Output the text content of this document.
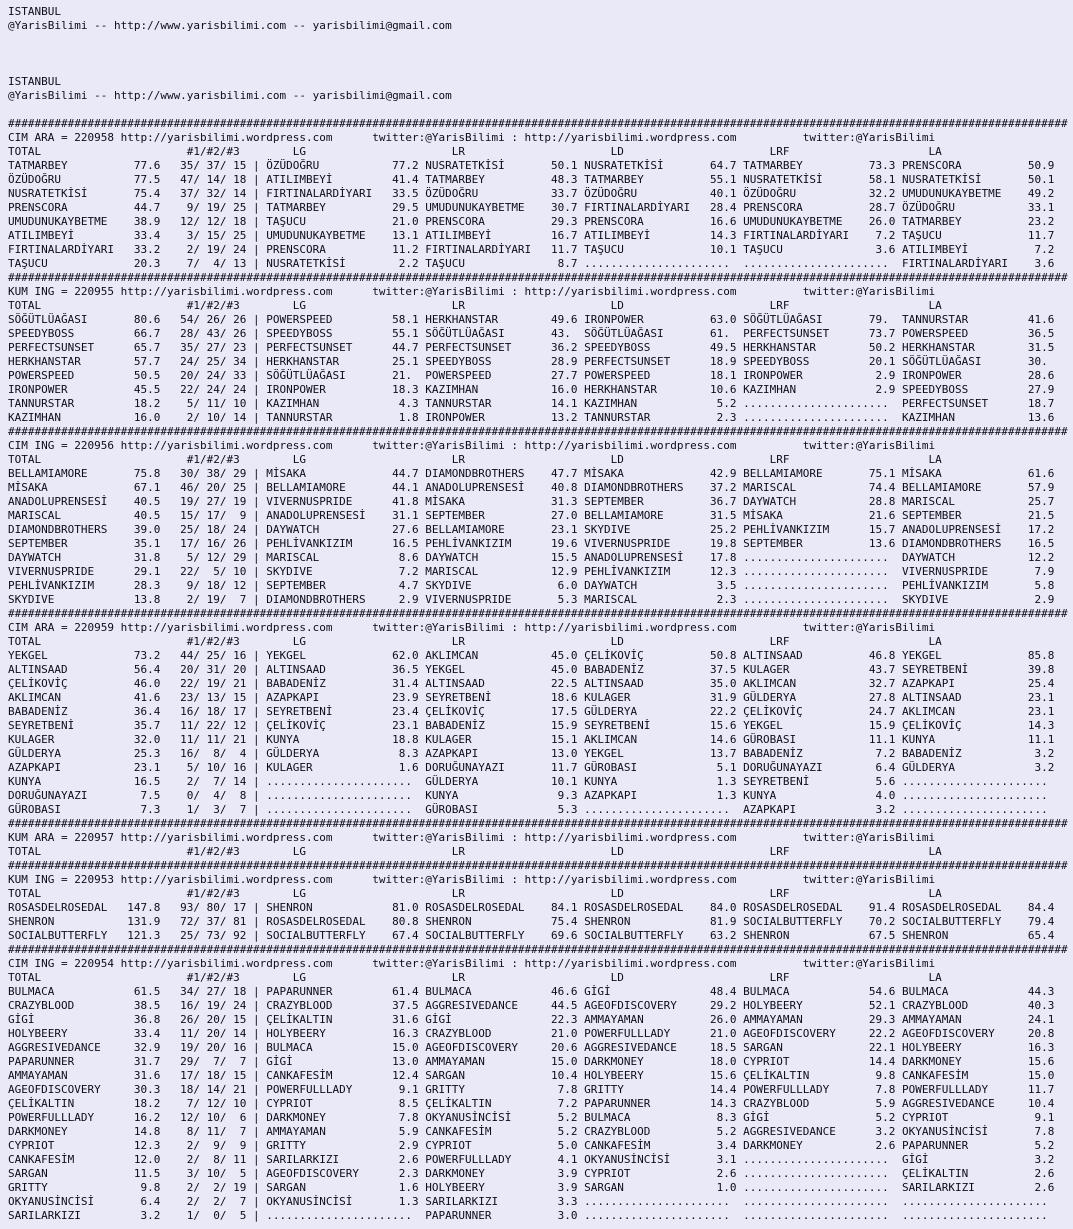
ISTANBUL
@YarisBilimi -- http://www.yarisbilimi.com -- yarisbilimi@gmail.com
ISTANBUL
@YarisBilimi -- http://www.yarisbilimi.com -- yarisbilimi@gmail.com
################################################################################################################################################################
CIM ARA = 220958 http://yarisbilimi.wordpress.com      twitter:@YarisBilimi : http://yarisbilimi.wordpress.com          twitter:@YarisBilimi
TOTAL                      #1/#2/#3        LG                      LR                      LD                      LRF                     LA
TATMARBEY          77.6   35/ 37/ 15 | ÖZÜDOĞRU           77.2 NUSRATETKİSİ       50.1 NUSRATETKİSİ       64.7 TATMARBEY          73.3 PRENSCORA          50.9
ÖZÜDOĞRU           77.5   47/ 14/ 18 | ATILIMBEYİ         41.4 TATMARBEY          48.3 TATMARBEY          55.1 NUSRATETKİSİ       58.1 NUSRATETKİSİ       50.1
NUSRATETKİSİ       75.4   37/ 32/ 14 | FIRTINALARDİYARI   33.5 ÖZÜDOĞRU           33.7 ÖZÜDOĞRU           40.1 ÖZÜDOĞRU           32.2 UMUDUNUKAYBETME    49.2
PRENSCORA          44.7    9/ 19/ 25 | TATMARBEY          29.5 UMUDUNUKAYBETME    30.7 FIRTINALARDİYARI   28.4 PRENSCORA          28.7 ÖZÜDOĞRU           33.1
UMUDUNUKAYBETME    38.9   12/ 12/ 18 | TAŞUCU             21.0 PRENSCORA          29.3 PRENSCORA          16.6 UMUDUNUKAYBETME    26.0 TATMARBEY          23.2
ATILIMBEYİ         33.4    3/ 15/ 25 | UMUDUNUKAYBETME    13.1 ATILIMBEYİ         16.7 ATILIMBEYİ         14.3 FIRTINALARDİYARI    7.2 TAŞUCU             11.7
FIRTINALARDİYARI   33.2    2/ 19/ 24 | PRENSCORA          11.2 FIRTINALARDİYARI   11.7 TAŞUCU             10.1 TAŞUCU              3.6 ATILIMBEYİ          7.2
TAŞUCU             20.3    7/  4/ 13 | NUSRATETKİSİ        2.2 TAŞUCU              8.7 ......................  ......................  FIRTINALARDİYARI    3.6
################################################################################################################################################################
KUM ING = 220955 http://yarisbilimi.wordpress.com      twitter:@YarisBilimi : http://yarisbilimi.wordpress.com          twitter:@YarisBilimi
TOTAL                      #1/#2/#3        LG                      LR                      LD                      LRF                     LA
SÖĞÜTLÜAĞASI       80.6   54/ 26/ 26 | POWERSPEED         58.1 HERKHANSTAR        49.6 IRONPOWER          63.0 SÖĞÜTLÜAĞASI       79.  TANNURSTAR         41.6
SPEEDYBOSS         66.7   28/ 43/ 26 | SPEEDYBOSS         55.1 SÖĞÜTLÜAĞASI       43.  SÖĞÜTLÜAĞASI       61.  PERFECTSUNSET      73.7 POWERSPEED         36.5
PERFECTSUNSET      65.7   35/ 27/ 23 | PERFECTSUNSET      44.7 PERFECTSUNSET      36.2 SPEEDYBOSS         49.5 HERKHANSTAR        50.2 HERKHANSTAR        31.5
HERKHANSTAR        57.7   24/ 25/ 34 | HERKHANSTAR        25.1 SPEEDYBOSS         28.9 PERFECTSUNSET      18.9 SPEEDYBOSS         20.1 SÖĞÜTLÜAĞASI       30.
POWERSPEED         50.5   20/ 24/ 33 | SÖĞÜTLÜAĞASI       21.  POWERSPEED         27.7 POWERSPEED         18.1 IRONPOWER           2.9 IRONPOWER          28.6
IRONPOWER          45.5   22/ 24/ 24 | IRONPOWER          18.3 KAZIMHAN           16.0 HERKHANSTAR        10.6 KAZIMHAN            2.9 SPEEDYBOSS         27.9
TANNURSTAR         18.2    5/ 11/ 10 | KAZIMHAN            4.3 TANNURSTAR         14.1 KAZIMHAN            5.2 ......................  PERFECTSUNSET      18.7
KAZIMHAN           16.0    2/ 10/ 14 | TANNURSTAR          1.8 IRONPOWER          13.2 TANNURSTAR          2.3 ......................  KAZIMHAN           13.6
################################################################################################################################################################
CIM ING = 220956 http://yarisbilimi.wordpress.com      twitter:@YarisBilimi : http://yarisbilimi.wordpress.com          twitter:@YarisBilimi
TOTAL                      #1/#2/#3        LG                      LR                      LD                      LRF                     LA
BELLAMIAMORE       75.8   30/ 38/ 29 | MİSAKA             44.7 DIAMONDBROTHERS    47.7 MİSAKA             42.9 BELLAMIAMORE       75.1 MİSAKA             61.6
MİSAKA             67.1   46/ 20/ 25 | BELLAMIAMORE       44.1 ANADOLUPRENSESİ    40.8 DIAMONDBROTHERS    37.2 MARISCAL           74.4 BELLAMIAMORE       57.9
ANADOLUPRENSESİ    40.5   19/ 27/ 19 | VIVERNUSPRIDE      41.8 MİSAKA             31.3 SEPTEMBER          36.7 DAYWATCH           28.8 MARISCAL           25.7
MARISCAL           40.5   15/ 17/  9 | ANADOLUPRENSESİ    31.1 SEPTEMBER          27.0 BELLAMIAMORE       31.5 MİSAKA             21.6 SEPTEMBER          21.5
DIAMONDBROTHERS    39.0   25/ 18/ 24 | DAYWATCH           27.6 BELLAMIAMORE       23.1 SKYDIVE            25.2 PEHLİVANKIZIM      15.7 ANADOLUPRENSESİ    17.2
SEPTEMBER          35.1   17/ 16/ 26 | PEHLİVANKIZIM      16.5 PEHLİVANKIZIM      19.6 VIVERNUSPRIDE      19.8 SEPTEMBER          13.6 DIAMONDBROTHERS    16.5
DAYWATCH           31.8    5/ 12/ 29 | MARISCAL            8.6 DAYWATCH           15.5 ANADOLUPRENSESİ    17.8 ......................  DAYWATCH           12.2
VIVERNUSPRIDE      29.1   22/  5/ 10 | SKYDIVE             7.2 MARISCAL           12.9 PEHLİVANKIZIM      12.3 ......................  VIVERNUSPRIDE       7.9
PEHLİVANKIZIM      28.3    9/ 18/ 12 | SEPTEMBER           4.7 SKYDIVE             6.0 DAYWATCH            3.5 ......................  PEHLİVANKIZIM       5.8
SKYDIVE            13.8    2/ 19/  7 | DIAMONDBROTHERS     2.9 VIVERNUSPRIDE       5.3 MARISCAL            2.3 ......................  SKYDIVE             2.9
################################################################################################################################################################
CIM ARA = 220959 http://yarisbilimi.wordpress.com      twitter:@YarisBilimi : http://yarisbilimi.wordpress.com          twitter:@YarisBilimi
TOTAL                      #1/#2/#3        LG                      LR                      LD                      LRF                     LA
YEKGEL             73.2   44/ 25/ 16 | YEKGEL             62.0 AKLIMCAN           45.0 ÇELİKOVİÇ          50.8 ALTINSAAD          46.8 YEKGEL             85.8
ALTINSAAD          56.4   20/ 31/ 20 | ALTINSAAD          36.5 YEKGEL             45.0 BABADENİZ          37.5 KULAGER            43.7 SEYRETBENİ         39.8
ÇELİKOVİÇ          46.0   22/ 19/ 21 | BABADENİZ          31.4 ALTINSAAD          22.5 ALTINSAAD          35.0 AKLIMCAN           32.7 AZAPKAPI           25.4
AKLIMCAN           41.6   23/ 13/ 15 | AZAPKAPI           23.9 SEYRETBENİ         18.6 KULAGER            31.9 GÜLDERYA           27.8 ALTINSAAD          23.1
BABADENİZ          36.4   16/ 18/ 17 | SEYRETBENİ         23.4 ÇELİKOVİÇ          17.5 GÜLDERYA           22.2 ÇELİKOVİÇ          24.7 AKLIMCAN           23.1
SEYRETBENİ         35.7   11/ 22/ 12 | ÇELİKOVİÇ          23.1 BABADENİZ          15.9 SEYRETBENİ         15.6 YEKGEL             15.9 ÇELİKOVİÇ          14.3
KULAGER            32.0   11/ 11/ 21 | KUNYA              18.8 KULAGER            15.1 AKLIMCAN           14.6 GÜROBASI           11.1 KUNYA              11.1
GÜLDERYA           25.3   16/  8/  4 | GÜLDERYA            8.3 AZAPKAPI           13.0 YEKGEL             13.7 BABADENİZ           7.2 BABADENİZ           3.2
AZAPKAPI           23.1    5/ 10/ 16 | KULAGER             1.6 DORUĞUNAYAZI       11.7 GÜROBASI            5.1 DORUĞUNAYAZI        6.4 GÜLDERYA            3.2
KUNYA              16.5    2/  7/ 14 | ......................  GÜLDERYA           10.1 KUNYA               1.3 SEYRETBENİ          5.6 ......................
DORUĞUNAYAZI        7.5    0/  4/  8 | ......................  KUNYA               9.3 AZAPKAPI            1.3 KUNYA               4.0 ......................
GÜROBASI            7.3    1/  3/  7 | ......................  GÜROBASI            5.3 ......................  AZAPKAPI            3.2 ......................
################################################################################################################################################################
KUM ARA = 220957 http://yarisbilimi.wordpress.com      twitter:@YarisBilimi : http://yarisbilimi.wordpress.com          twitter:@YarisBilimi
TOTAL                      #1/#2/#3        LG                      LR                      LD                      LRF                     LA
################################################################################################################################################################
KUM ING = 220953 http://yarisbilimi.wordpress.com      twitter:@YarisBilimi : http://yarisbilimi.wordpress.com          twitter:@YarisBilimi
TOTAL                      #1/#2/#3        LG                      LR                      LD                      LRF                     LA
ROSASDELROSEDAL   147.8   93/ 80/ 17 | SHENRON            81.0 ROSASDELROSEDAL    84.1 ROSASDELROSEDAL    84.0 ROSASDELROSEDAL    91.4 ROSASDELROSEDAL    84.4
SHENRON           131.9   72/ 37/ 81 | ROSASDELROSEDAL    80.8 SHENRON            75.4 SHENRON            81.9 SOCIALBUTTERFLY    70.2 SOCIALBUTTERFLY    79.4
SOCIALBUTTERFLY   121.3   25/ 73/ 92 | SOCIALBUTTERFLY    67.4 SOCIALBUTTERFLY    69.6 SOCIALBUTTERFLY    63.2 SHENRON            67.5 SHENRON            65.4
################################################################################################################################################################
CIM ING = 220954 http://yarisbilimi.wordpress.com      twitter:@YarisBilimi : http://yarisbilimi.wordpress.com          twitter:@YarisBilimi
TOTAL                      #1/#2/#3        LG                      LR                      LD                      LRF                     LA
BULMACA            61.5   34/ 27/ 18 | PAPARUNNER         61.4 BULMACA            46.6 GİGİ               48.4 BULMACA            54.6 BULMACA            44.3
CRAZYBLOOD         38.5   16/ 19/ 24 | CRAZYBLOOD         37.5 AGGRESIVEDANCE     44.5 AGEOFDISCOVERY     29.2 HOLYBEERY          52.1 CRAZYBLOOD         40.3
GİGİ               36.8   26/ 20/ 15 | ÇELİKALTIN         31.6 GİGİ               22.3 AMMAYAMAN          26.0 AMMAYAMAN          29.3 AMMAYAMAN          24.1
HOLYBEERY          33.4   11/ 20/ 14 | HOLYBEERY          16.3 CRAZYBLOOD         21.0 POWERFULLLADY      21.0 AGEOFDISCOVERY     22.2 AGEOFDISCOVERY     20.8
AGGRESIVEDANCE     32.9   19/ 20/ 16 | BULMACA            15.0 AGEOFDISCOVERY     20.6 AGGRESIVEDANCE     18.5 SARGAN             22.1 HOLYBEERY          16.3
PAPARUNNER         31.7   29/  7/  7 | GİGİ               13.0 AMMAYAMAN          15.0 DARKMONEY          18.0 CYPRIOT            14.4 DARKMONEY          15.6
AMMAYAMAN          31.6   17/ 18/ 15 | CANKAFESİM         12.4 SARGAN             10.4 HOLYBEERY          15.6 ÇELİKALTIN          9.8 CANKAFESİM         15.0
AGEOFDISCOVERY     30.3   18/ 14/ 21 | POWERFULLLADY       9.1 GRITTY              7.8 GRITTY             14.4 POWERFULLLADY       7.8 POWERFULLLADY      11.7
ÇELİKALTIN         18.2    7/ 12/ 10 | CYPRIOT             8.5 ÇELİKALTIN          7.2 PAPARUNNER         14.3 CRAZYBLOOD          5.9 AGGRESIVEDANCE     10.4
POWERFULLLADY      16.2   12/ 10/  6 | DARKMONEY           7.8 OKYANUSİNCİSİ       5.2 BULMACA             8.3 GİGİ                5.2 CYPRIOT             9.1
DARKMONEY          14.8    8/ 11/  7 | AMMAYAMAN           5.9 CANKAFESİM          5.2 CRAZYBLOOD          5.2 AGGRESIVEDANCE      3.2 OKYANUSİNCİSİ       7.8
CYPRIOT            12.3    2/  9/  9 | GRITTY              2.9 CYPRIOT             5.0 CANKAFESİM          3.4 DARKMONEY           2.6 PAPARUNNER          5.2
CANKAFESİM         12.0    2/  8/ 11 | SARILARKIZI         2.6 POWERFULLLADY       4.1 OKYANUSİNCİSİ       3.1 ......................  GİGİ                3.2
SARGAN             11.5    3/ 10/  5 | AGEOFDISCOVERY      2.3 DARKMONEY           3.9 CYPRIOT             2.6 ......................  ÇELİKALTIN          2.6
GRITTY              9.8    2/  2/ 19 | SARGAN              1.6 HOLYBEERY           3.9 SARGAN              1.0 ......................  SARILARKIZI         2.6
OKYANUSİNCİSİ       6.4    2/  2/  7 | OKYANUSİNCİSİ       1.3 SARILARKIZI         3.3 ......................  ......................  ......................
SARILARKIZI         3.2    1/  0/  5 | ......................  PAPARUNNER          3.0 ......................  ......................  ......................
